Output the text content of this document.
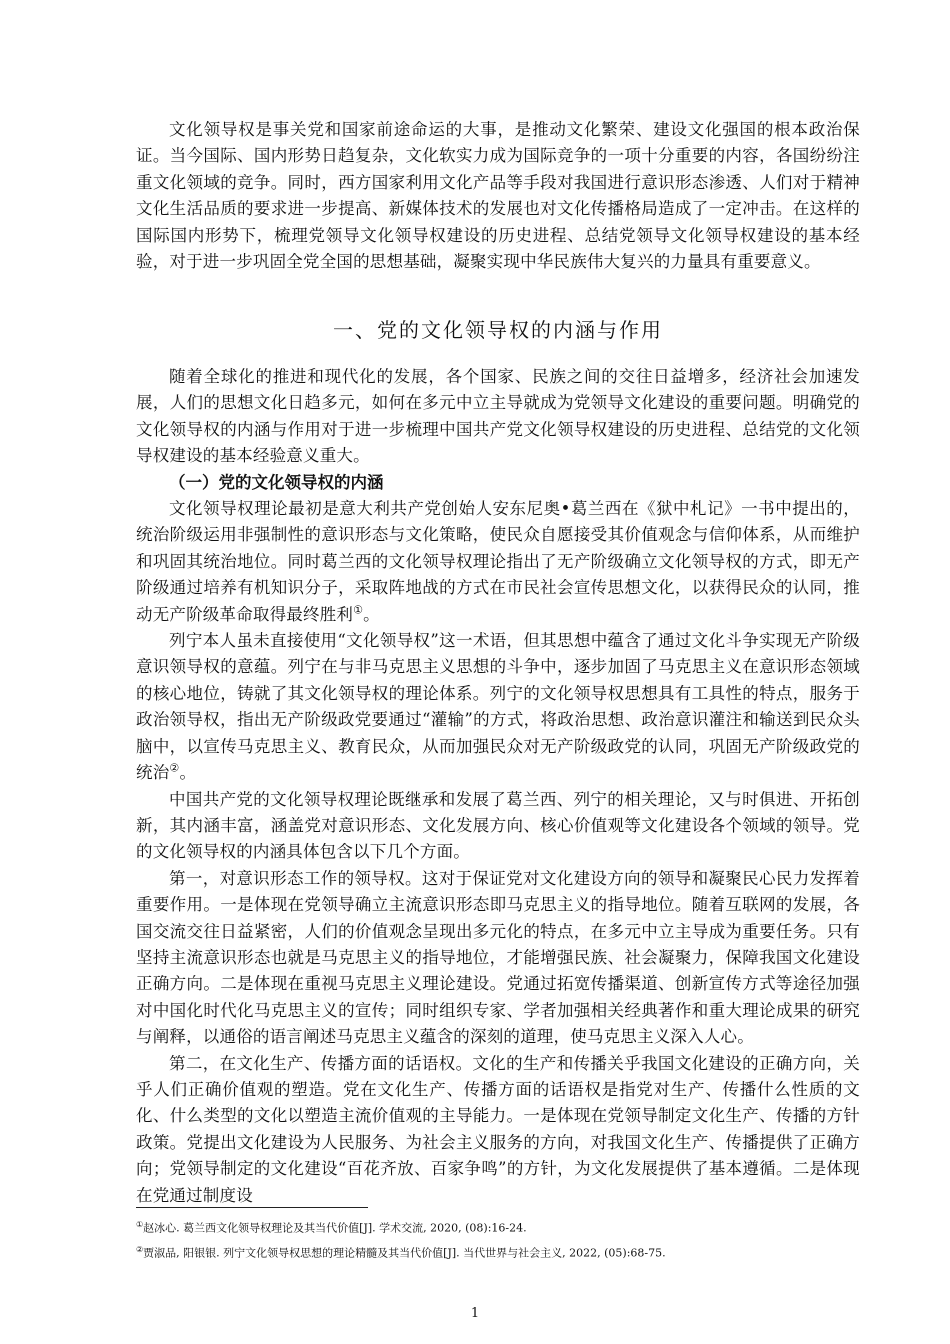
文化领导权是事关党和国家前途命运的大事，是推动文化繁荣、建设文化强国的根本政治保证。当今国际、国内形势日趋复杂，文化软实力成为国际竞争的一项十分重要的内容，各国纷纷注重文化领域的竞争。同时，西方国家利用文化产品等手段对我国进行意识形态渗透、人们对于精神文化生活品质的要求进一步提高、新媒体技术的发展也对文化传播格局造成了一定冲击。在这样的国际国内形势下，梳理党领导文化领导权建设的历史进程、总结党领导文化领导权建设的基本经验，对于进一步巩固全党全国的思想基础，凝聚实现中华民族伟大复兴的力量具有重要意义。

一、党的文化领导权的内涵与作用

随着全球化的推进和现代化的发展，各个国家、民族之间的交往日益增多，经济社会加速发展，人们的思想文化日趋多元，如何在多元中立主导就成为党领导文化建设的重要问题。明确党的文化领导权的内涵与作用对于进一步梳理中国共产党文化领导权建设的历史进程、总结党的文化领导权建设的基本经验意义重大。

（一）党的文化领导权的内涵

文化领导权理论最初是意大利共产党创始人安东尼奥•葛兰西在《狱中札记》一书中提出的，统治阶级运用非强制性的意识形态与文化策略，使民众自愿接受其价值观念与信仰体系，从而维护和巩固其统治地位。同时葛兰西的文化领导权理论指出了无产阶级确立文化领导权的方式，即无产阶级通过培养有机知识分子，采取阵地战的方式在市民社会宣传思想文化，以获得民众的认同，推动无产阶级革命取得最终胜利①。

列宁本人虽未直接使用“文化领导权”这一术语，但其思想中蕴含了通过文化斗争实现无产阶级意识领导权的意蕴。列宁在与非马克思主义思想的斗争中，逐步加固了马克思主义在意识形态领域的核心地位，铸就了其文化领导权的理论体系。列宁的文化领导权思想具有工具性的特点，服务于政治领导权，指出无产阶级政党要通过“灌输”的方式，将政治思想、政治意识灌注和输送到民众头脑中，以宣传马克思主义、教育民众，从而加强民众对无产阶级政党的认同，巩固无产阶级政党的统治②。

中国共产党的文化领导权理论既继承和发展了葛兰西、列宁的相关理论，又与时俱进、开拓创新，其内涵丰富，涵盖党对意识形态、文化发展方向、核心价值观等文化建设各个领域的领导。党的文化领导权的内涵具体包含以下几个方面。

第一，对意识形态工作的领导权。这对于保证党对文化建设方向的领导和凝聚民心民力发挥着重要作用。一是体现在党领导确立主流意识形态即马克思主义的指导地位。随着互联网的发展，各国交流交往日益紧密，人们的价值观念呈现出多元化的特点，在多元中立主导成为重要任务。只有坚持主流意识形态也就是马克思主义的指导地位，才能增强民族、社会凝聚力，保障我国文化建设正确方向。二是体现在重视马克思主义理论建设。党通过拓宽传播渠道、创新宣传方式等途径加强对中国化时代化马克思主义的宣传；同时组织专家、学者加强相关经典著作和重大理论成果的研究与阐释，以通俗的语言阐述马克思主义蕴含的深刻的道理，使马克思主义深入人心。

第二，在文化生产、传播方面的话语权。文化的生产和传播关乎我国文化建设的正确方向，关乎人们正确价值观的塑造。党在文化生产、传播方面的话语权是指党对生产、传播什么性质的文化、什么类型的文化以塑造主流价值观的主导能力。一是体现在党领导制定文化生产、传播的方针政策。党提出文化建设为人民服务、为社会主义服务的方向，对我国文化生产、传播提供了正确方向；党领导制定的文化建设“百花齐放、百家争鸣”的方针，为文化发展提供了基本遵循。二是体现在党通过制度设

①赵冰心. 葛兰西文化领导权理论及其当代价值[J]. 学术交流, 2020, (08):16-24.

②贾淑品, 阳银银. 列宁文化领导权思想的理论精髓及其当代价值[J]. 当代世界与社会主义, 2022, (05):68-75.

1
